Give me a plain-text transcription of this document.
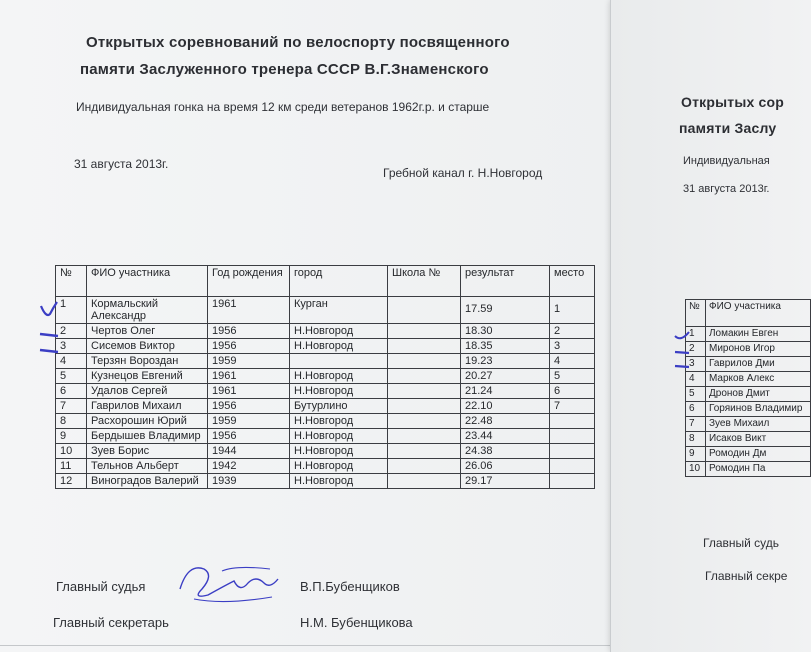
Открытых соревнований по велоспорту посвященного
памяти Заслуженного тренера СССР В.Г.Знаменского
Индивидуальная гонка на время 12 км среди ветеранов 1962г.р. и старше
31 августа 2013г.
Гребной канал г. Н.Новгород
№	ФИО участника	Год рождения	город	Школа №	результат	место
1	Кормальский Александр	1961	Курган		17.59	1
2	Чертов Олег	1956	Н.Новгород		18.30	2
3	Сисемов Виктор	1956	Н.Новгород		18.35	3
4	Терзян Вороздан	1959			19.23	4
5	Кузнецов Евгений	1961	Н.Новгород		20.27	5
6	Удалов Сергей	1961	Н.Новгород		21.24	6
7	Гаврилов Михаил	1956	Бутурлино		22.10	7
8	Расхорошин Юрий	1959	Н.Новгород		22.48	
9	Бердышев Владимир	1956	Н.Новгород		23.44	
10	Зуев Борис	1944	Н.Новгород		24.38	
11	Тельнов Альберт	1942	Н.Новгород		26.06	
12	Виноградов Валерий	1939	Н.Новгород		29.17	
Главный судья	В.П.Бубенщиков
Главный секретарь	Н.М. Бубенщикова
Открытых сор
памяти Заслу
Индивидуальная
31 августа 2013г.
№	ФИО участника
1	Ломакин Евген
2	Миронов Игор
3	Гаврилов Дми
4	Марков Алекс
5	Дронов Дмит
6	Горяинов Владимир
7	Зуев Михаил
8	Исаков Викт
9	Ромодин Дм
10	Ромодин Па
Главный судь
Главный секре
